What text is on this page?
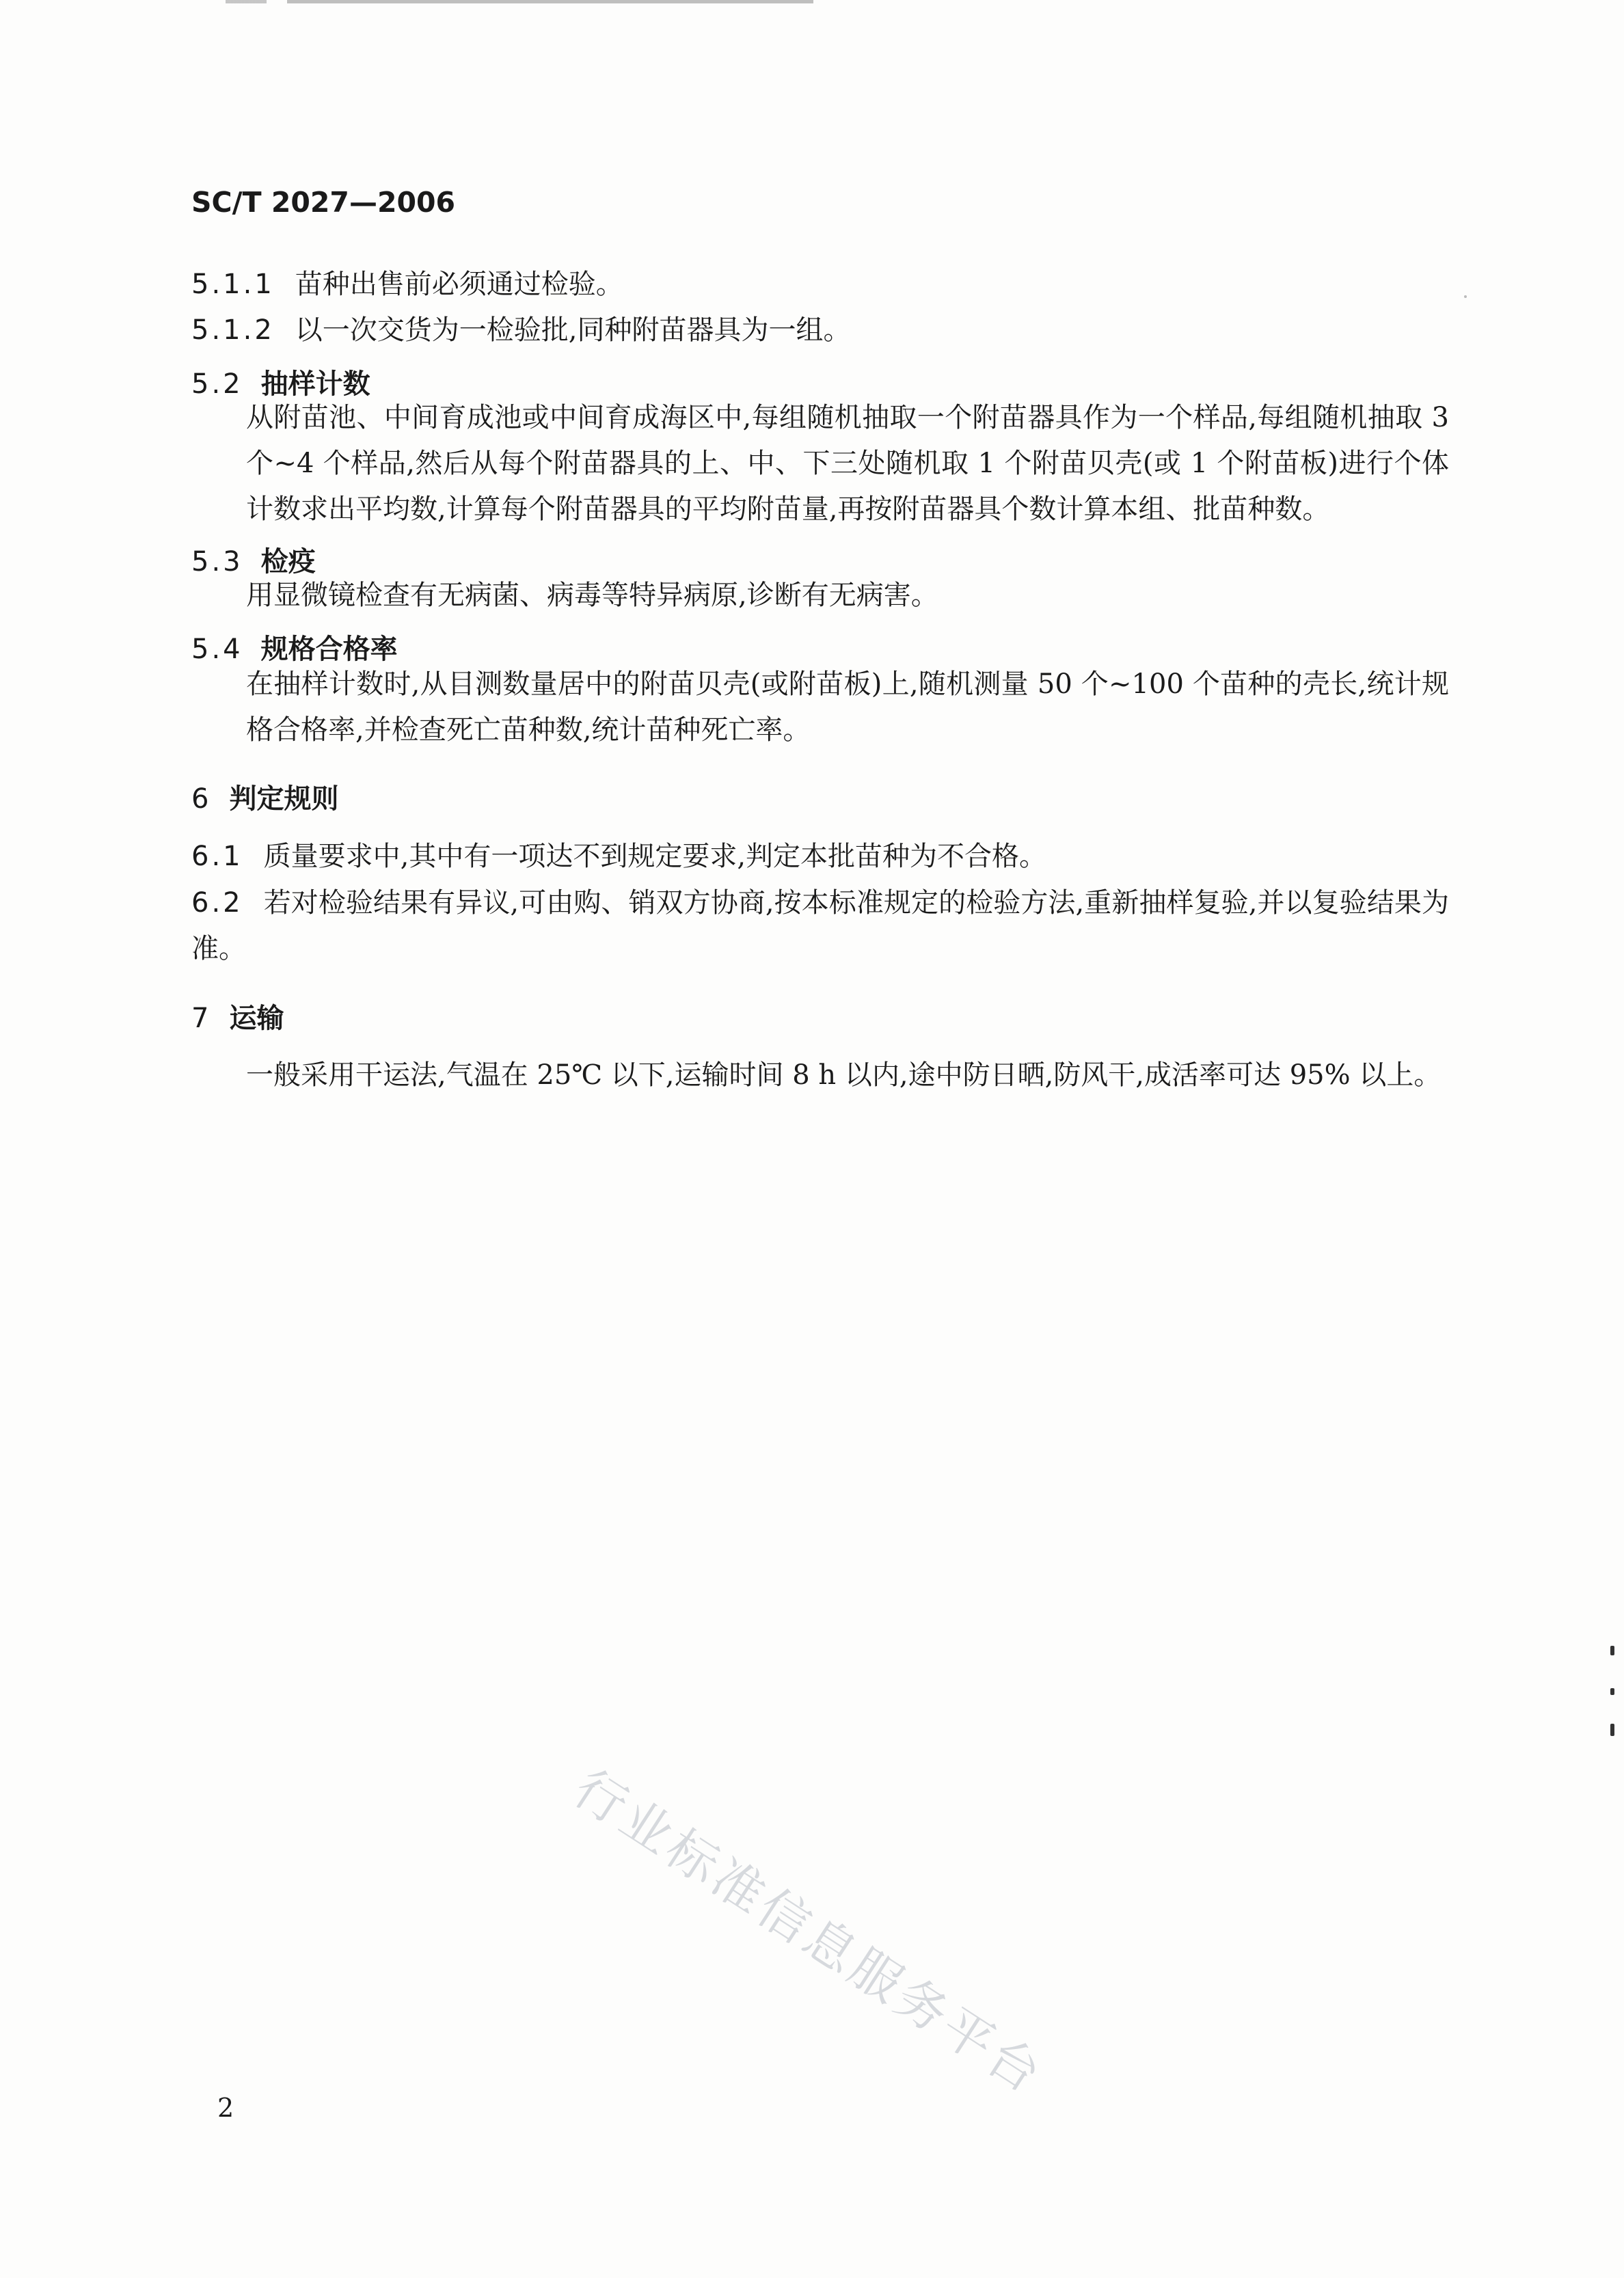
SC/T 2027—2006
5.1.1 苗种出售前必须通过检验。
5.1.2 以一次交货为一检验批,同种附苗器具为一组。
5.2 抽样计数
从附苗池、中间育成池或中间育成海区中,每组随机抽取一个附苗器具作为一个样品,每组随机抽取 3 个~4 个样品,然后从每个附苗器具的上、中、下三处随机取 1 个附苗贝壳(或 1 个附苗板)进行个体计数求出平均数,计算每个附苗器具的平均附苗量,再按附苗器具个数计算本组、批苗种数。
5.3 检疫
用显微镜检查有无病菌、病毒等特异病原,诊断有无病害。
5.4 规格合格率
在抽样计数时,从目测数量居中的附苗贝壳(或附苗板)上,随机测量 50 个~100 个苗种的壳长,统计规格合格率,并检查死亡苗种数,统计苗种死亡率。
6 判定规则
6.1 质量要求中,其中有一项达不到规定要求,判定本批苗种为不合格。
6.2 若对检验结果有异议,可由购、销双方协商,按本标准规定的检验方法,重新抽样复验,并以复验结果为准。
7 运输
一般采用干运法,气温在 25℃ 以下,运输时间 8 h 以内,途中防日晒,防风干,成活率可达 95% 以上。
行业标准信息服务平台
2
